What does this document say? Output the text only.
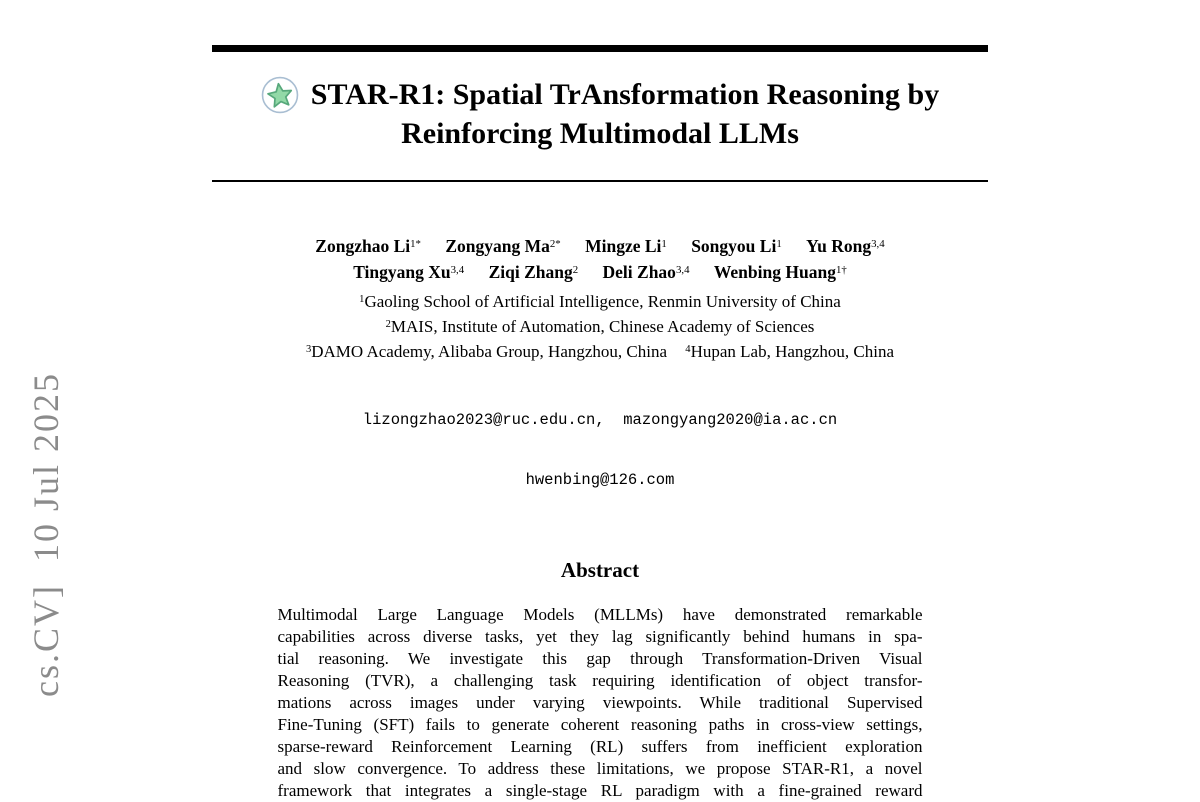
cs.CV]  10 Jul 2025
STAR-R1: Spatial TrAnsformation Reasoning by
Reinforcing Multimodal LLMs
Zongzhao $Li^{1*}$ Zongyang $Ma^{2*}$ Mingze Li$^1$ Songyou Li$^1$ Yu Rong$^{3,4}$
Tingyang Xu$^{3,4}$ Ziqi Zhang$^2$ Deli Zhao$^{3,4}$ Wenbing Huang$^{1\dagger}$
$^1$Gaoling School of Artificial Intelligence, Renmin University of China
$^2$MAIS, Institute of Automation, Chinese Academy of Sciences
$^3$DAMO Academy, Alibaba Group, Hangzhou, China $^4$Hupan Lab, Hangzhou, China

lizongzhao2023@ruc.edu.cn,  mazongyang2020@ia.ac.cn

hwenbing@126.com

Abstract
Multimodal Large Language Models (MLLMs) have demonstrated remarkable
capabilities across diverse tasks, yet they lag significantly behind humans in spa-
tial reasoning. We investigate this gap through Transformation-Driven Visual
Reasoning (TVR), a challenging task requiring identification of object transfor-
mations across images under varying viewpoints. While traditional Supervised
Fine-Tuning (SFT) fails to generate coherent reasoning paths in cross-view settings,
sparse-reward Reinforcement Learning (RL) suffers from inefficient exploration
and slow convergence. To address these limitations, we propose STAR-R1, a novel
framework that integrates a single-stage RL paradigm with a fine-grained reward
